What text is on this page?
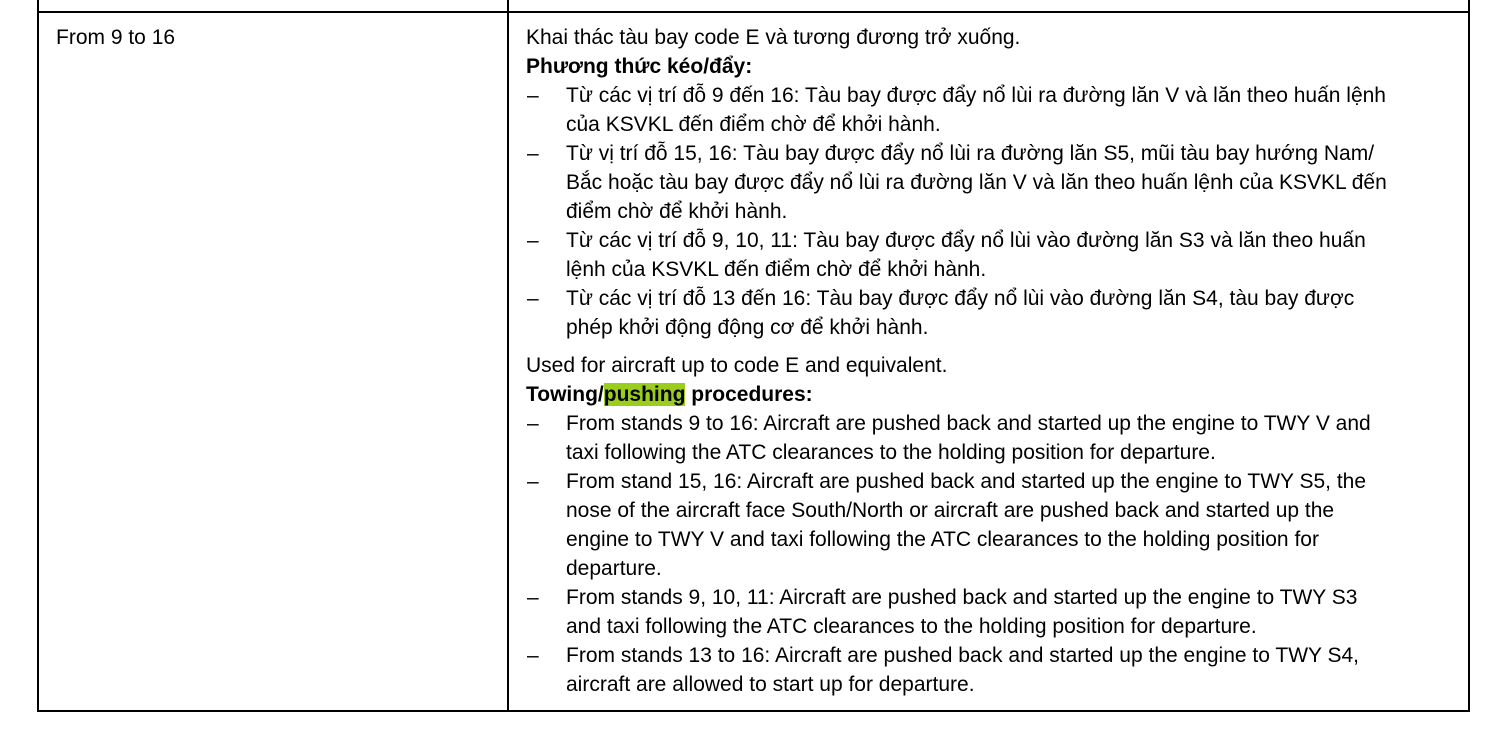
From 9 to 16	Khai thác tàu bay code E và tương đương trở xuống.
Phương thức kéo/đẩy:
– Từ các vị trí đỗ 9 đến 16: Tàu bay được đẩy nổ lùi ra đường lăn V và lăn theo huấn lệnh
của KSVKL đến điểm chờ để khởi hành.
– Từ vị trí đỗ 15, 16: Tàu bay được đẩy nổ lùi ra đường lăn S5, mũi tàu bay hướng Nam/
Bắc hoặc tàu bay được đẩy nổ lùi ra đường lăn V và lăn theo huấn lệnh của KSVKL đến
điểm chờ để khởi hành.
– Từ các vị trí đỗ 9, 10, 11: Tàu bay được đẩy nổ lùi vào đường lăn S3 và lăn theo huấn
lệnh của KSVKL đến điểm chờ để khởi hành.
– Từ các vị trí đỗ 13 đến 16: Tàu bay được đẩy nổ lùi vào đường lăn S4, tàu bay được
phép khởi động động cơ để khởi hành.
Used for aircraft up to code E and equivalent.
Towing/pushing procedures:
– From stands 9 to 16: Aircraft are pushed back and started up the engine to TWY V and
taxi following the ATC clearances to the holding position for departure.
– From stand 15, 16: Aircraft are pushed back and started up the engine to TWY S5, the
nose of the aircraft face South/North or aircraft are pushed back and started up the
engine to TWY V and taxi following the ATC clearances to the holding position for
departure.
– From stands 9, 10, 11: Aircraft are pushed back and started up the engine to TWY S3
and taxi following the ATC clearances to the holding position for departure.
– From stands 13 to 16: Aircraft are pushed back and started up the engine to TWY S4,
aircraft are allowed to start up for departure.
